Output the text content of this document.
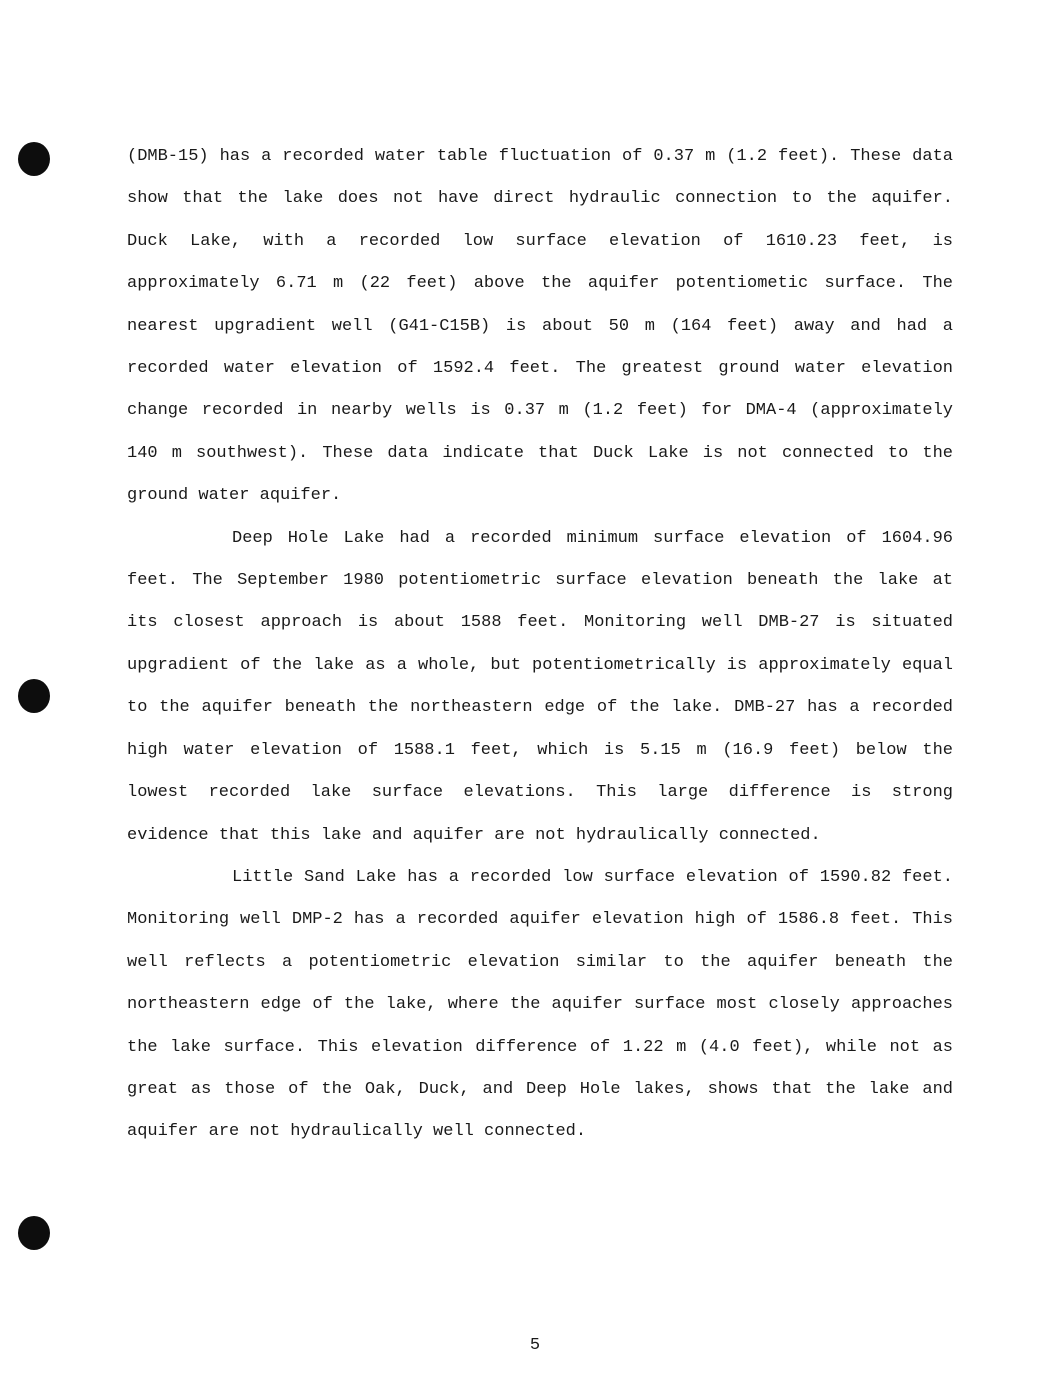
(DMB-15) has a recorded water table fluctuation of 0.37 m (1.2 feet). These data show that the lake does not have direct hydraulic connection to the aquifer. Duck Lake, with a recorded low surface elevation of 1610.23 feet, is approximately 6.71 m (22 feet) above the aquifer potentiometic surface. The nearest upgradient well (G41-C15B) is about 50 m (164 feet) away and had a recorded water elevation of 1592.4 feet. The greatest ground water elevation change recorded in nearby wells is 0.37 m (1.2 feet) for DMA-4 (approximately 140 m southwest). These data indicate that Duck Lake is not connected to the ground water aquifer.

Deep Hole Lake had a recorded minimum surface elevation of 1604.96 feet. The September 1980 potentiometric surface elevation beneath the lake at its closest approach is about 1588 feet. Monitoring well DMB-27 is situated upgradient of the lake as a whole, but potentiometrically is approximately equal to the aquifer beneath the northeastern edge of the lake. DMB-27 has a recorded high water elevation of 1588.1 feet, which is 5.15 m (16.9 feet) below the lowest recorded lake surface elevations. This large difference is strong evidence that this lake and aquifer are not hydraulically connected.

Little Sand Lake has a recorded low surface elevation of 1590.82 feet. Monitoring well DMP-2 has a recorded aquifer elevation high of 1586.8 feet. This well reflects a potentiometric elevation similar to the aquifer beneath the northeastern edge of the lake, where the aquifer surface most closely approaches the lake surface. This elevation difference of 1.22 m (4.0 feet), while not as great as those of the Oak, Duck, and Deep Hole lakes, shows that the lake and aquifer are not hydraulically well connected.

5
